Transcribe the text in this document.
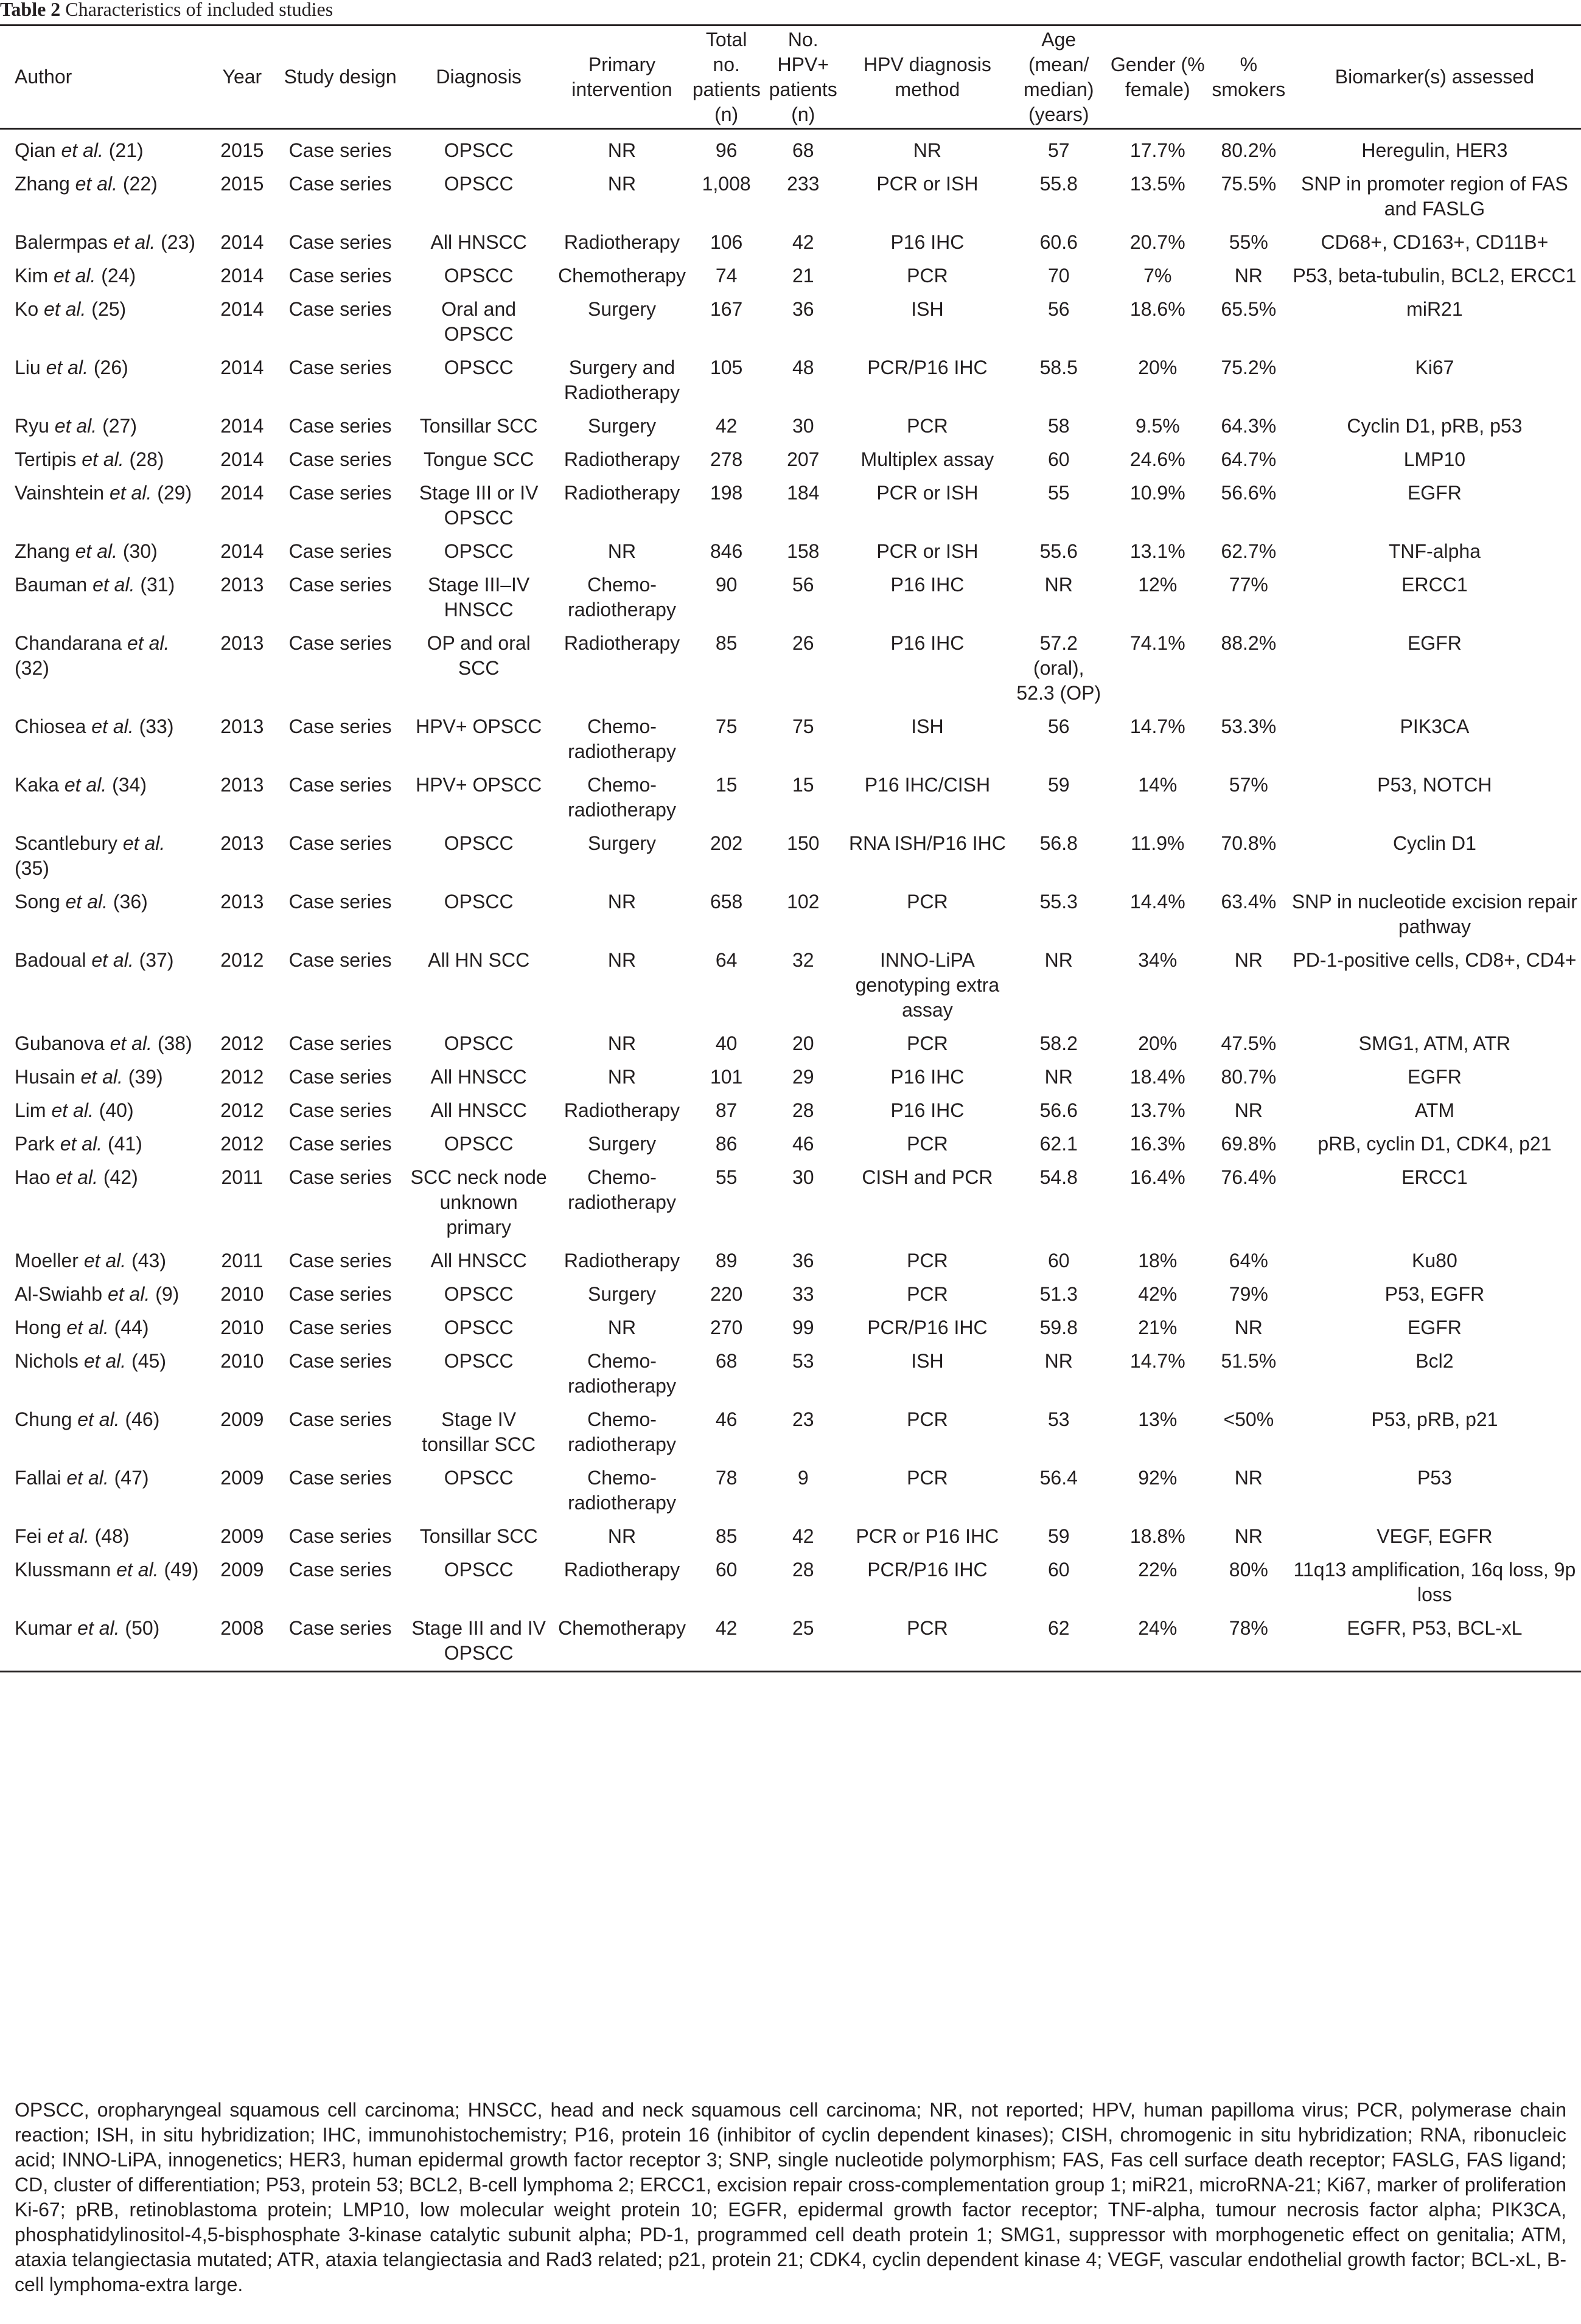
Table 2 Characteristics of included studies
Author	Year	Study design	Diagnosis	Primary intervention	Total no. patients (n)	No. HPV+ patients (n)	HPV diagnosis method	Age (mean/ median) (years)	Gender (% female)	% smokers	Biomarker(s) assessed
Qian et al. (21)	2015	Case series	OPSCC	NR	96	68	NR	57	17.7%	80.2%	Heregulin, HER3
Zhang et al. (22)	2015	Case series	OPSCC	NR	1,008	233	PCR or ISH	55.8	13.5%	75.5%	SNP in promoter region of FAS and FASLG
Balermpas et al. (23)	2014	Case series	All HNSCC	Radiotherapy	106	42	P16 IHC	60.6	20.7%	55%	CD68+, CD163+, CD11B+
Kim et al. (24)	2014	Case series	OPSCC	Chemotherapy	74	21	PCR	70	7%	NR	P53, beta-tubulin, BCL2, ERCC1
Ko et al. (25)	2014	Case series	Oral and OPSCC	Surgery	167	36	ISH	56	18.6%	65.5%	miR21
Liu et al. (26)	2014	Case series	OPSCC	Surgery and Radiotherapy	105	48	PCR/P16 IHC	58.5	20%	75.2%	Ki67
Ryu et al. (27)	2014	Case series	Tonsillar SCC	Surgery	42	30	PCR	58	9.5%	64.3%	Cyclin D1, pRB, p53
Tertipis et al. (28)	2014	Case series	Tongue SCC	Radiotherapy	278	207	Multiplex assay	60	24.6%	64.7%	LMP10
Vainshtein et al. (29)	2014	Case series	Stage III or IV OPSCC	Radiotherapy	198	184	PCR or ISH	55	10.9%	56.6%	EGFR
Zhang et al. (30)	2014	Case series	OPSCC	NR	846	158	PCR or ISH	55.6	13.1%	62.7%	TNF-alpha
Bauman et al. (31)	2013	Case series	Stage III–IV HNSCC	Chemo-radiotherapy	90	56	P16 IHC	NR	12%	77%	ERCC1
Chandarana et al. (32)	2013	Case series	OP and oral SCC	Radiotherapy	85	26	P16 IHC	57.2 (oral), 52.3 (OP)	74.1%	88.2%	EGFR
Chiosea et al. (33)	2013	Case series	HPV+ OPSCC	Chemo-radiotherapy	75	75	ISH	56	14.7%	53.3%	PIK3CA
Kaka et al. (34)	2013	Case series	HPV+ OPSCC	Chemo-radiotherapy	15	15	P16 IHC/CISH	59	14%	57%	P53, NOTCH
Scantlebury et al. (35)	2013	Case series	OPSCC	Surgery	202	150	RNA ISH/P16 IHC	56.8	11.9%	70.8%	Cyclin D1
Song et al. (36)	2013	Case series	OPSCC	NR	658	102	PCR	55.3	14.4%	63.4%	SNP in nucleotide excision repair pathway
Badoual et al. (37)	2012	Case series	All HN SCC	NR	64	32	INNO-LiPA genotyping extra assay	NR	34%	NR	PD-1-positive cells, CD8+, CD4+
Gubanova et al. (38)	2012	Case series	OPSCC	NR	40	20	PCR	58.2	20%	47.5%	SMG1, ATM, ATR
Husain et al. (39)	2012	Case series	All HNSCC	NR	101	29	P16 IHC	NR	18.4%	80.7%	EGFR
Lim et al. (40)	2012	Case series	All HNSCC	Radiotherapy	87	28	P16 IHC	56.6	13.7%	NR	ATM
Park et al. (41)	2012	Case series	OPSCC	Surgery	86	46	PCR	62.1	16.3%	69.8%	pRB, cyclin D1, CDK4, p21
Hao et al. (42)	2011	Case series	SCC neck node unknown primary	Chemo-radiotherapy	55	30	CISH and PCR	54.8	16.4%	76.4%	ERCC1
Moeller et al. (43)	2011	Case series	All HNSCC	Radiotherapy	89	36	PCR	60	18%	64%	Ku80
Al-Swiahb et al. (9)	2010	Case series	OPSCC	Surgery	220	33	PCR	51.3	42%	79%	P53, EGFR
Hong et al. (44)	2010	Case series	OPSCC	NR	270	99	PCR/P16 IHC	59.8	21%	NR	EGFR
Nichols et al. (45)	2010	Case series	OPSCC	Chemo-radiotherapy	68	53	ISH	NR	14.7%	51.5%	Bcl2
Chung et al. (46)	2009	Case series	Stage IV tonsillar SCC	Chemo-radiotherapy	46	23	PCR	53	13%	<50%	P53, pRB, p21
Fallai et al. (47)	2009	Case series	OPSCC	Chemo-radiotherapy	78	9	PCR	56.4	92%	NR	P53
Fei et al. (48)	2009	Case series	Tonsillar SCC	NR	85	42	PCR or P16 IHC	59	18.8%	NR	VEGF, EGFR
Klussmann et al. (49)	2009	Case series	OPSCC	Radiotherapy	60	28	PCR/P16 IHC	60	22%	80%	11q13 amplification, 16q loss, 9p loss
Kumar et al. (50)	2008	Case series	Stage III and IV OPSCC	Chemotherapy	42	25	PCR	62	24%	78%	EGFR, P53, BCL-xL
OPSCC, oropharyngeal squamous cell carcinoma; HNSCC, head and neck squamous cell carcinoma; NR, not reported; HPV, human papilloma virus; PCR, polymerase chain reaction; ISH, in situ hybridization; IHC, immunohistochemistry; P16, protein 16 (inhibitor of cyclin dependent kinases); CISH, chromogenic in situ hybridization; RNA, ribonucleic acid; INNO-LiPA, innogenetics; HER3, human epidermal growth factor receptor 3; SNP, single nucleotide polymorphism; FAS, Fas cell surface death receptor; FASLG, FAS ligand; CD, cluster of differentiation; P53, protein 53; BCL2, B-cell lymphoma 2; ERCC1, excision repair cross-complementation group 1; miR21, microRNA-21; Ki67, marker of proliferation Ki-67; pRB, retinoblastoma protein; LMP10, low molecular weight protein 10; EGFR, epidermal growth factor receptor; TNF-alpha, tumour necrosis factor alpha; PIK3CA, phosphatidylinositol-4,5-bisphosphate 3-kinase catalytic subunit alpha; PD-1, programmed cell death protein 1; SMG1, suppressor with morphogenetic effect on genitalia; ATM, ataxia telangiectasia mutated; ATR, ataxia telangiectasia and Rad3 related; p21, protein 21; CDK4, cyclin dependent kinase 4; VEGF, vascular endothelial growth factor; BCL-xL, B-cell lymphoma-extra large.
